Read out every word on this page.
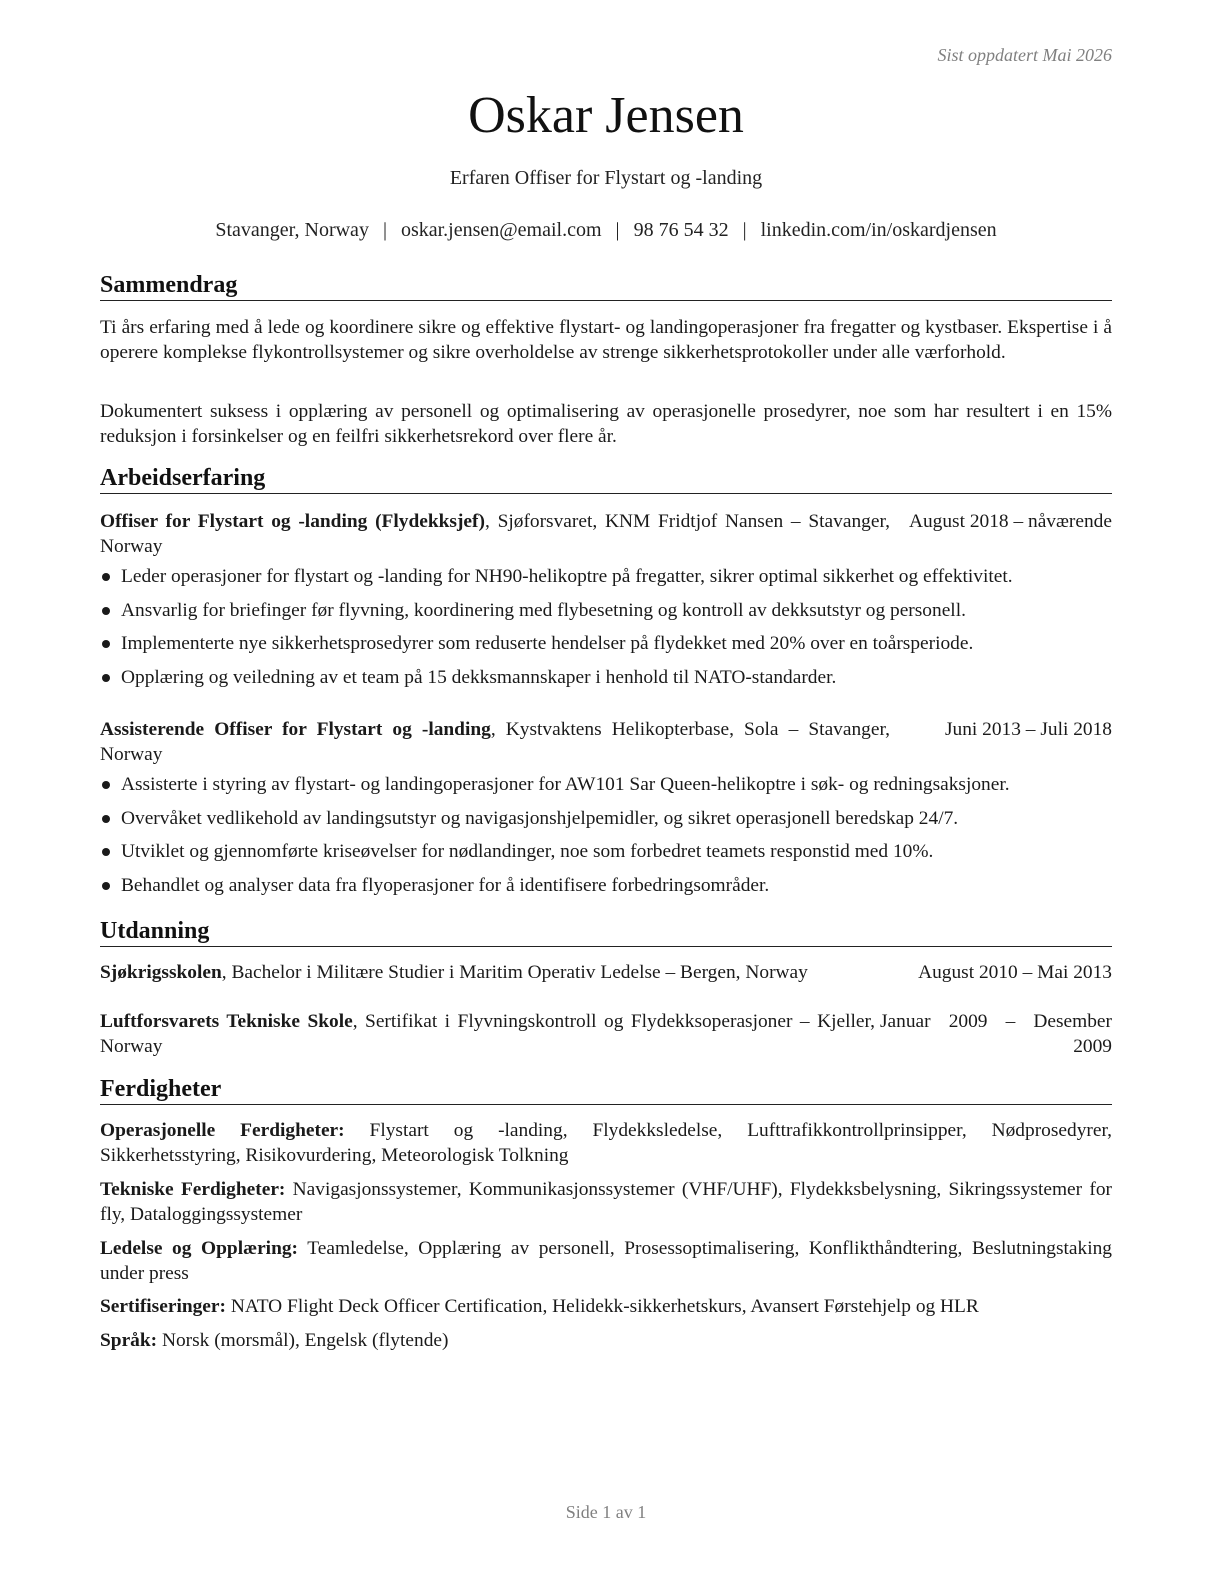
Sist oppdatert Mai 2026
Oskar Jensen
Erfaren Offiser for Flystart og -landing
Stavanger, Norway | oskar.jensen@email.com | 98 76 54 32 | linkedin.com/in/oskardjensen
Sammendrag

Ti års erfaring med å lede og koordinere sikre og effektive flystart- og landingoperasjoner fra fregatter og kystbaser. Ekspertise i å operere komplekse flykontrollsystemer og sikre overholdelse av strenge sikkerhetsprotokoller under alle værforhold.

Dokumentert suksess i opplæring av personell og optimalisering av operasjonelle prosedyrer, noe som har resultert i en 15% reduksjon i forsinkelser og en feilfri sikkerhetsrekord over flere år.

Arbeidserfaring
Offiser for Flystart og -landing (Flydekksjef), Sjøforsvaret, KNM Fridtjof Nansen – Stavanger, Norway
August 2018 – nåværende
Leder operasjoner for flystart og -landing for NH90-helikoptre på fregatter, sikrer optimal sikkerhet og effektivitet.
Ansvarlig for briefinger før flyvning, koordinering med flybesetning og kontroll av dekksutstyr og personell.
Implementerte nye sikkerhetsprosedyrer som reduserte hendelser på flydekket med 20% over en toårsperiode.
Opplæring og veiledning av et team på 15 dekksmannskaper i henhold til NATO-standarder.
Assisterende Offiser for Flystart og -landing, Kystvaktens Helikopterbase, Sola – Stavanger, Norway
Juni 2013 – Juli 2018
Assisterte i styring av flystart- og landingoperasjoner for AW101 Sar Queen-helikoptre i søk- og redningsaksjoner.
Overvåket vedlikehold av landingsutstyr og navigasjonshjelpemidler, og sikret operasjonell beredskap 24/7.
Utviklet og gjennomførte kriseøvelser for nødlandinger, noe som forbedret teamets responstid med 10%.
Behandlet og analyser data fra flyoperasjoner for å identifisere forbedringsområder.
Utdanning
Sjøkrigsskolen, Bachelor i Militære Studier i Maritim Operativ Ledelse – Bergen, Norway	August 2010 – Mai 2013
Luftforsvarets Tekniske Skole, Sertifikat i Flyvningskontroll og Flydekksoperasjoner – Kjeller, Norway
Januar 2009 – Desember 2009
Ferdigheter

Operasjonelle Ferdigheter: Flystart og -landing, Flydekksledelse, Lufttrafikkontrollprinsipper, Nødprosedyrer, Sikkerhetsstyring, Risikovurdering, Meteorologisk Tolkning

Tekniske Ferdigheter: Navigasjonssystemer, Kommunikasjonssystemer (VHF/UHF), Flydekksbelysning, Sikringssystemer for fly, Dataloggingssystemer

Ledelse og Opplæring: Teamledelse, Opplæring av personell, Prosessoptimalisering, Konflikthåndtering, Beslutningstaking under press

Sertifiseringer: NATO Flight Deck Officer Certification, Helidekk-sikkerhetskurs, Avansert Førstehjelp og HLR

Språk: Norsk (morsmål), Engelsk (flytende)

Side 1 av 1
